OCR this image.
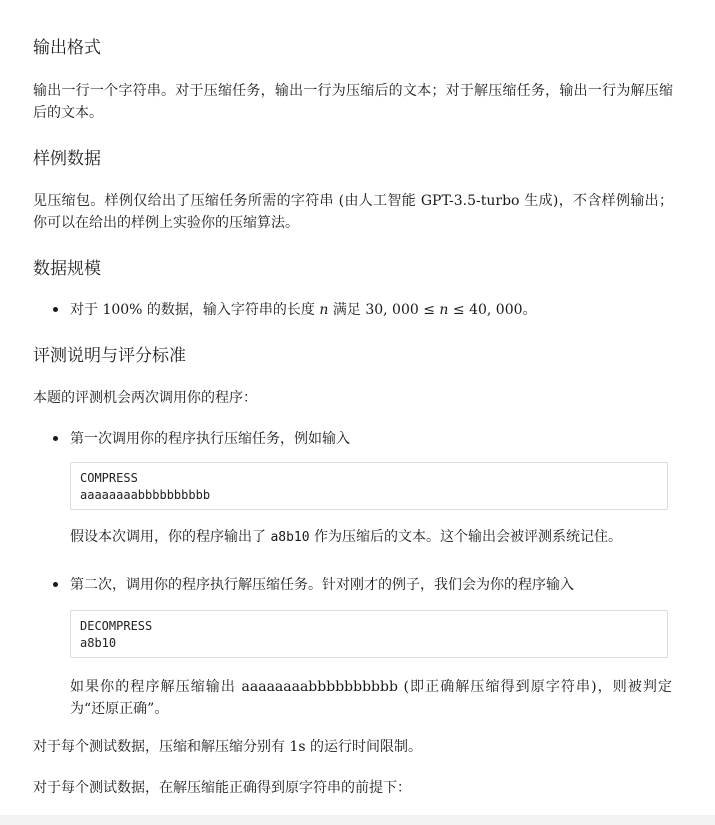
输出格式

输出一行一个字符串。对于压缩任务，输出一行为压缩后的文本；对于解压缩任务，输出一行为解压缩后的文本。

样例数据

见压缩包。样例仅给出了压缩任务所需的字符串 (由人工智能 GPT-3.5-turbo 生成)，不含样例输出；你可以在给出的样例上实验你的压缩算法。

数据规模

对于 100% 的数据，输入字符串的长度 n 满足 30, 000 ≤ n ≤ 40, 000。

评测说明与评分标准

本题的评测机会两次调用你的程序：

第一次调用你的程序执行压缩任务，例如输入

COMPRESS
aaaaaaaabbbbbbbbbb

假设本次调用，你的程序输出了 a8b10 作为压缩后的文本。这个输出会被评测系统记住。

第二次，调用你的程序执行解压缩任务。针对刚才的例子，我们会为你的程序输入

DECOMPRESS
a8b10

如果你的程序解压缩输出 aaaaaaaabbbbbbbbbb (即正确解压缩得到原字符串)，则被判定为“还原正确”。

对于每个测试数据，压缩和解压缩分别有 1s 的运行时间限制。

对于每个测试数据，在解压缩能正确得到原字符串的前提下：
